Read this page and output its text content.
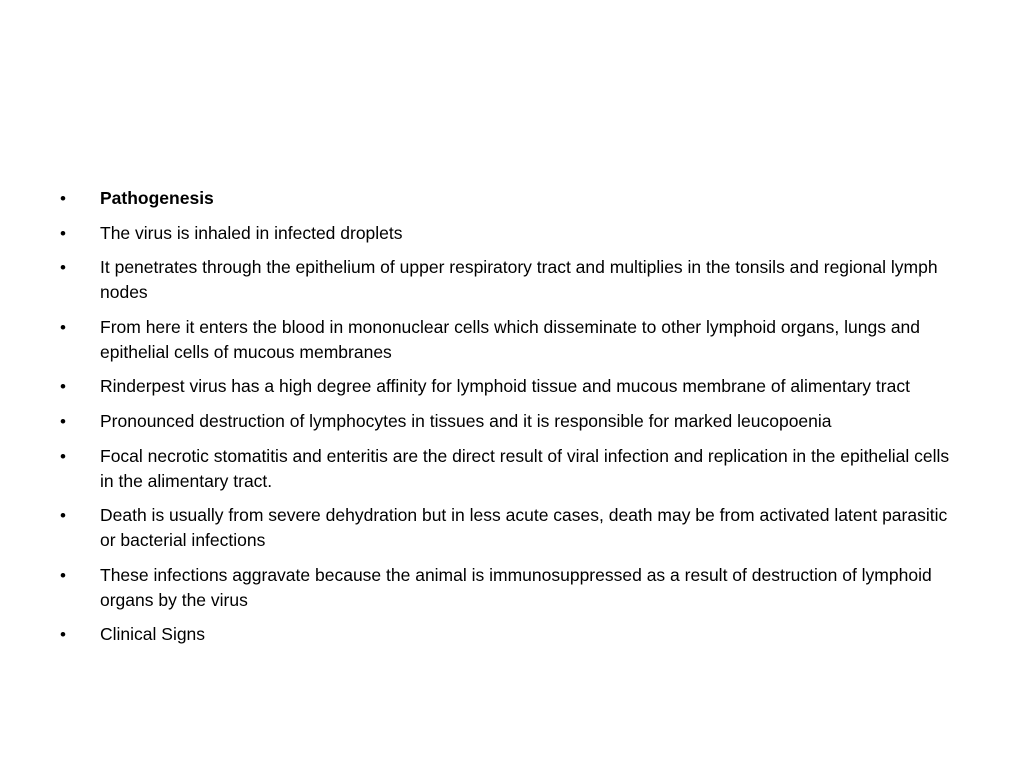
•	Pathogenesis
•	The virus is inhaled in infected droplets
•	It penetrates through the epithelium of upper respiratory tract and multiplies in the tonsils and regional lymph nodes
•	From here it enters the blood in mononuclear cells which disseminate to other lymphoid organs, lungs and epithelial cells of mucous membranes
•	Rinderpest virus has a high degree affinity for lymphoid tissue and mucous membrane of alimentary tract
•	Pronounced destruction of lymphocytes in tissues and it is responsible for marked leucopoenia
•	Focal necrotic stomatitis and enteritis are the direct result of viral infection and replication in the epithelial cells in the alimentary tract.
•	Death is usually from severe dehydration but in less acute cases, death may be from activated latent parasitic or bacterial infections
•	These infections aggravate because the animal is immunosuppressed as a result of destruction of lymphoid organs by the virus
•	Clinical Signs
